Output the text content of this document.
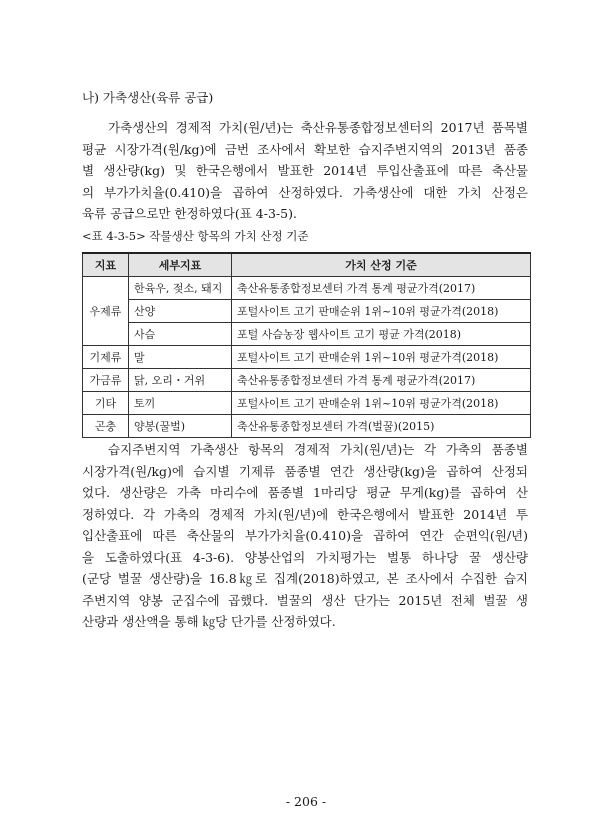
나) 가축생산(육류 공급)

가축생산의 경제적 가치(원/년)는 축산유통종합정보센터의 2017년 품목별
평균 시장가격(원/kg)에 금번 조사에서 확보한 습지주변지역의 2013년 품종
별 생산량(kg) 및 한국은행에서 발표한 2014년 투입산출표에 따른 축산물
의 부가가치율(0.410)을 곱하여 산정하였다. 가축생산에 대한 가치 산정은
육류 공급으로만 한정하였다(표 4-3-5).

<표 4-3-5> 작물생산 항목의 가치 산정 기준
지표	세부지표	가치 산정 기준
우제류	한육우, 젖소, 돼지	축산유통종합정보센터 가격 통계 평균가격(2017)
	산양	포털사이트 고기 판매순위 1위~10위 평균가격(2018)
	사슴	포털 사슴농장 웹사이트 고기 평균 가격(2018)
기제류	말	포털사이트 고기 판매순위 1위~10위 평균가격(2018)
가금류	닭, 오리・거위	축산유통종합정보센터 가격 통계 평균가격(2017)
기타	토끼	포털사이트 고기 판매순위 1위~10위 평균가격(2018)
곤충	양봉(꿀벌)	축산유통종합정보센터 가격(벌꿀)(2015)

습지주변지역 가축생산 항목의 경제적 가치(원/년)는 각 가축의 품종별
시장가격(원/kg)에 습지별 기제류 품종별 연간 생산량(kg)을 곱하여 산정되
었다. 생산량은 가축 마리수에 품종별 1마리당 평균 무게(kg)를 곱하여 산
정하였다. 각 가축의 경제적 가치(원/년)에 한국은행에서 발표한 2014년 투
입산출표에 따른 축산물의 부가가치율(0.410)을 곱하여 연간 순편익(원/년)
을 도출하였다(표 4-3-6). 양봉산업의 가치평가는 벌통 하나당 꿀 생산량
(군당 벌꿀 생산량)을 16.8㎏로 집계(2018)하였고, 본 조사에서 수집한 습지
주변지역 양봉 군집수에 곱했다. 벌꿀의 생산 단가는 2015년 전체 벌꿀 생
산량과 생산액을 통해 ㎏당 단가를 산정하였다.

- 206 -
